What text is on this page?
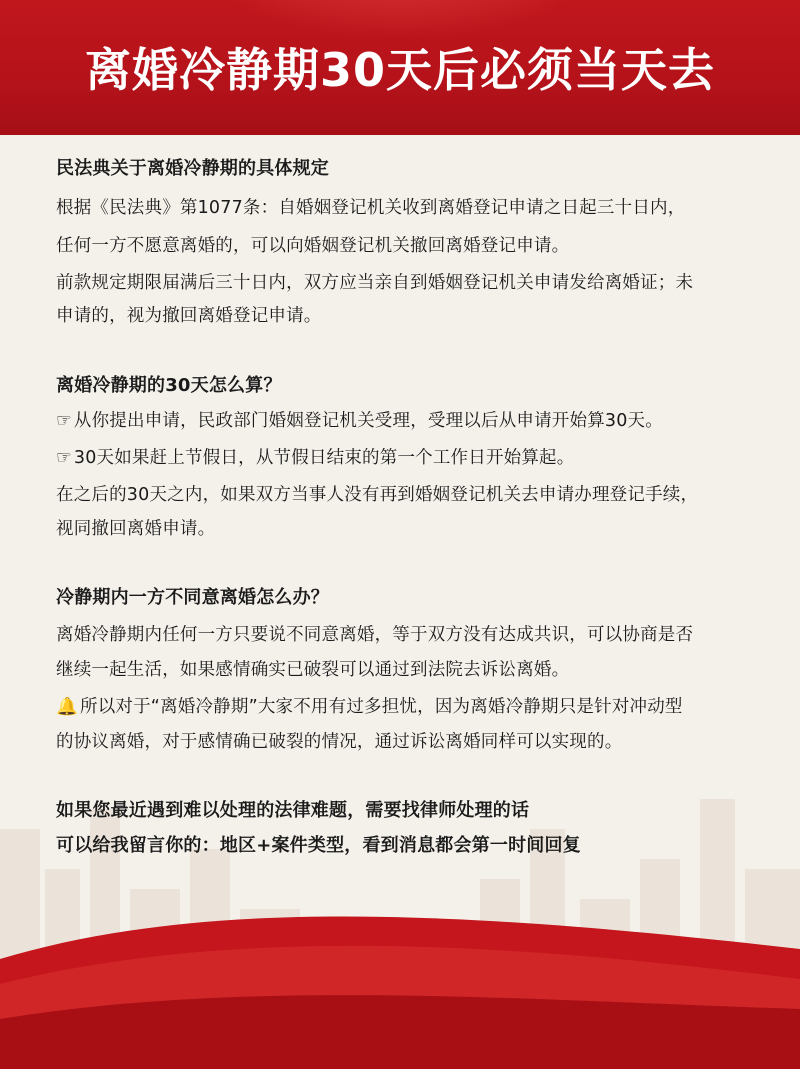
离婚冷静期30天后必须当天去
民法典关于离婚冷静期的具体规定
根据《民法典》第1077条：自婚姻登记机关收到离婚登记申请之日起三十日内，
任何一方不愿意离婚的，可以向婚姻登记机关撤回离婚登记申请。
前款规定期限届满后三十日内，双方应当亲自到婚姻登记机关申请发给离婚证；未
申请的，视为撤回离婚登记申请。
离婚冷静期的30天怎么算？
☞ 从你提出申请，民政部门婚姻登记机关受理，受理以后从申请开始算30天。
☞ 30天如果赶上节假日，从节假日结束的第一个工作日开始算起。
在之后的30天之内，如果双方当事人没有再到婚姻登记机关去申请办理登记手续，
视同撤回离婚申请。
冷静期内一方不同意离婚怎么办？
离婚冷静期内任何一方只要说不同意离婚，等于双方没有达成共识，可以协商是否
继续一起生活，如果感情确实已破裂可以通过到法院去诉讼离婚。
🔔 所以对于“离婚冷静期”大家不用有过多担忧，因为离婚冷静期只是针对冲动型
的协议离婚，对于感情确已破裂的情况，通过诉讼离婚同样可以实现的。
如果您最近遇到难以处理的法律难题，需要找律师处理的话
可以给我留言你的：地区+案件类型，看到消息都会第一时间回复
